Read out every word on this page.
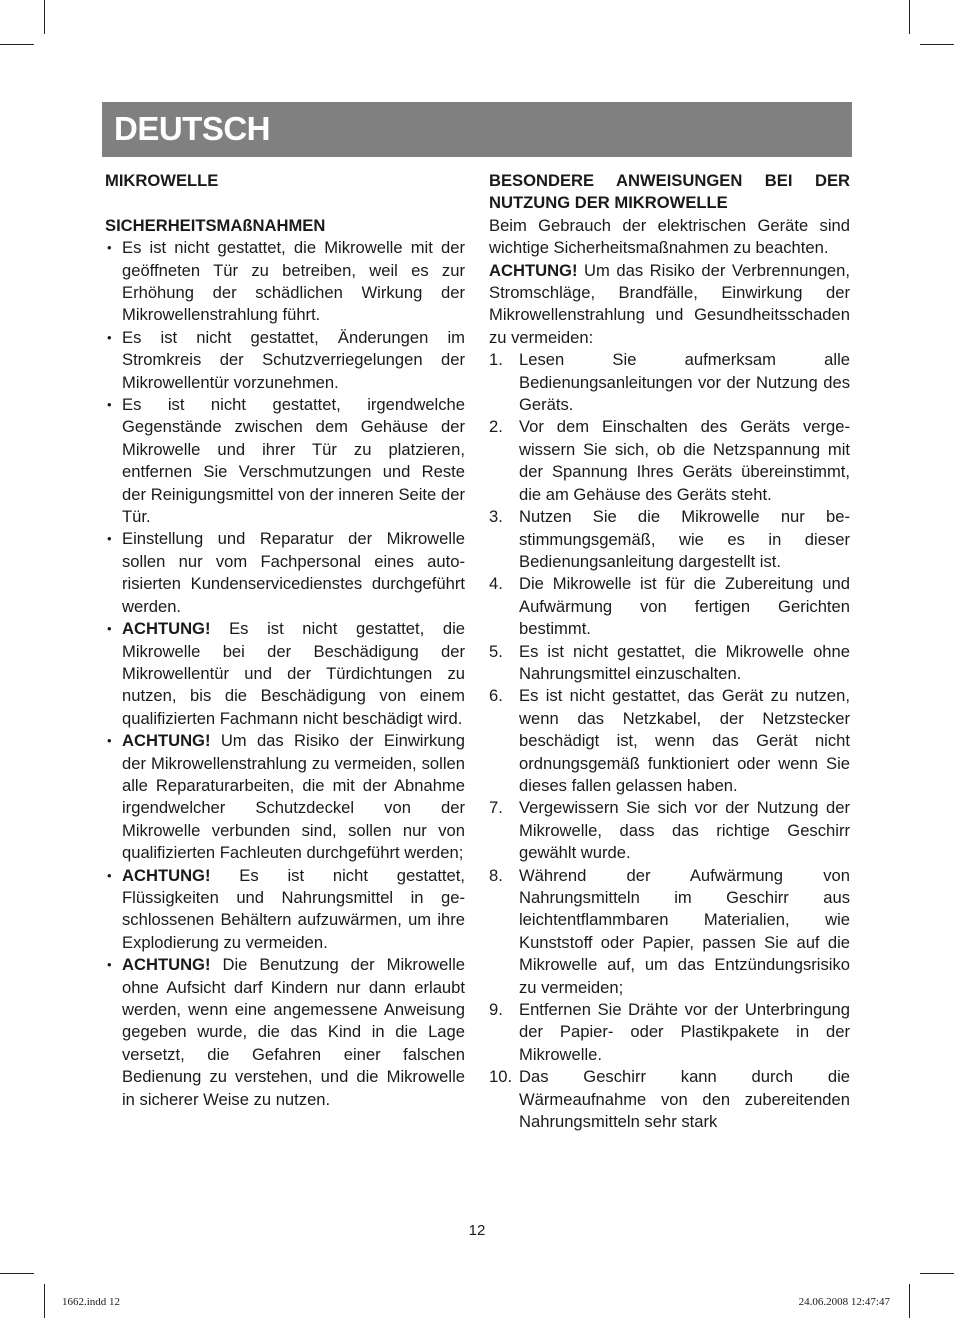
DEUTSCH
MIKROWELLE
SICHERHEITSMAßNAHMEN
• Es ist nicht gestattet, die Mikrowelle mit der geöffneten Tür zu betreiben, weil es zur Erhöhung der schädlichen Wirkung der Mikrowellenstrahlung führt.
• Es ist nicht gestattet, Änderungen im Stromkreis der Schutzverriegelungen der Mikrowellentür vorzunehmen.
• Es ist nicht gestattet, irgendwelche Gegenstände zwischen dem Gehäuse der Mikrowelle und ihrer Tür zu platzieren, entfernen Sie Verschmutzungen und Reste der Reinigungsmittel von der inneren Seite der Tür.
• Einstellung und Reparatur der Mikrowelle sollen nur vom Fachpersonal eines autorisierten Kundenservicedienstes durchgeführt werden.
• ACHTUNG! Es ist nicht gestattet, die Mikrowelle bei der Beschädigung der Mikrowellentür und der Türdichtungen zu nutzen, bis die Beschädigung von einem qualifizierten Fachmann nicht beschädigt wird.
• ACHTUNG! Um das Risiko der Einwirkung der Mikrowellenstrahlung zu vermeiden, sollen alle Reparaturarbeiten, die mit der Abnahme irgendwelcher Schutzdeckel von der Mikrowelle verbunden sind, sollen nur von qualifizierten Fachleuten durchgeführt werden;
• ACHTUNG! Es ist nicht gestattet, Flüssigkeiten und Nahrungsmittel in geschlossenen Behältern aufzuwärmen, um ihre Explodierung zu vermeiden.
• ACHTUNG! Die Benutzung der Mikrowelle ohne Aufsicht darf Kindern nur dann erlaubt werden, wenn eine angemessene Anweisung gegeben wurde, die das Kind in die Lage versetzt, die Gefahren einer falschen Bedienung zu verstehen, und die Mikrowelle in sicherer Weise zu nutzen.

BESONDERE ANWEISUNGEN BEI DER NUTZUNG DER MIKROWELLE

Beim Gebrauch der elektrischen Geräte sind wichtige Sicherheitsmaßnahmen zu beachten.

ACHTUNG! Um das Risiko der Verbrennungen, Stromschläge, Brandfälle, Einwirkung der Mikrowellenstrahlung und Gesundheitsschaden zu vermeiden:

1. Lesen Sie aufmerksam alle Bedienungsanleitungen vor der Nutzung des Geräts.
2. Vor dem Einschalten des Geräts vergewissern Sie sich, ob die Netzspannung mit der Spannung Ihres Geräts übereinstimmt, die am Gehäuse des Geräts steht.
3. Nutzen Sie die Mikrowelle nur bestimmungsgemäß, wie es in dieser Bedienungsanleitung dargestellt ist.
4. Die Mikrowelle ist für die Zubereitung und Aufwärmung von fertigen Gerichten bestimmt.
5. Es ist nicht gestattet, die Mikrowelle ohne Nahrungsmittel einzuschalten.
6. Es ist nicht gestattet, das Gerät zu nutzen, wenn das Netzkabel, der Netzstecker beschädigt ist, wenn das Gerät nicht ordnungsgemäß funktioniert oder wenn Sie dieses fallen gelassen haben.
7. Vergewissern Sie sich vor der Nutzung der Mikrowelle, dass das richtige Geschirr gewählt wurde.
8. Während der Aufwärmung von Nahrungsmitteln im Geschirr aus leichtentflammbaren Materialien, wie Kunststoff oder Papier, passen Sie auf die Mikrowelle auf, um das Entzündungsrisiko zu vermeiden;
9. Entfernen Sie Drähte vor der Unterbringung der Papier- oder Plastikpakete in der Mikrowelle.
10. Das Geschirr kann durch die Wärmeaufnahme von den zubereitenden Nahrungsmitteln sehr stark
12
1662.indd 12	24.06.2008 12:47:47
